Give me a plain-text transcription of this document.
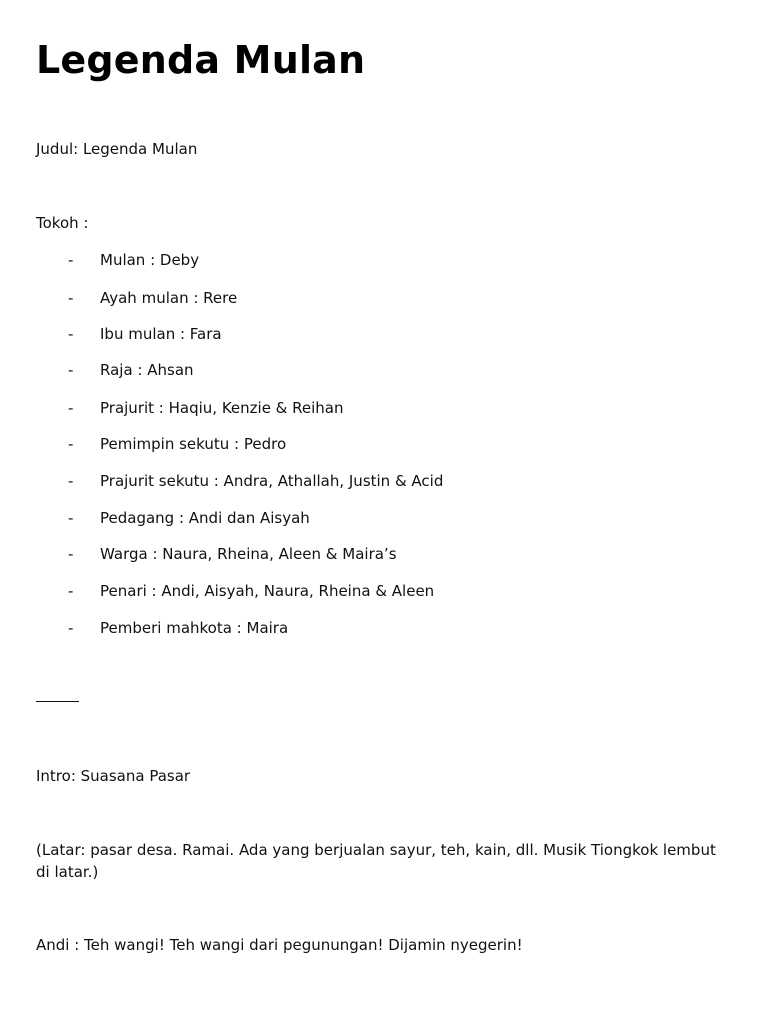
Legenda Mulan
Judul: Legenda Mulan
Tokoh :
- Mulan : Deby
- Ayah mulan : Rere
- Ibu mulan : Fara
- Raja : Ahsan
- Prajurit : Haqiu, Kenzie & Reihan
- Pemimpin sekutu : Pedro
- Prajurit sekutu : Andra, Athallah, Justin & Acid
- Pedagang : Andi dan Aisyah
- Warga : Naura, Rheina, Aleen & Maira’s
- Penari : Andi, Aisyah, Naura, Rheina & Aleen
- Pemberi mahkota : Maira
Intro: Suasana Pasar
(Latar: pasar desa. Ramai. Ada yang berjualan sayur, teh, kain, dll. Musik Tiongkok lembut di latar.)
Andi : Teh wangi! Teh wangi dari pegunungan! Dijamin nyegerin!
